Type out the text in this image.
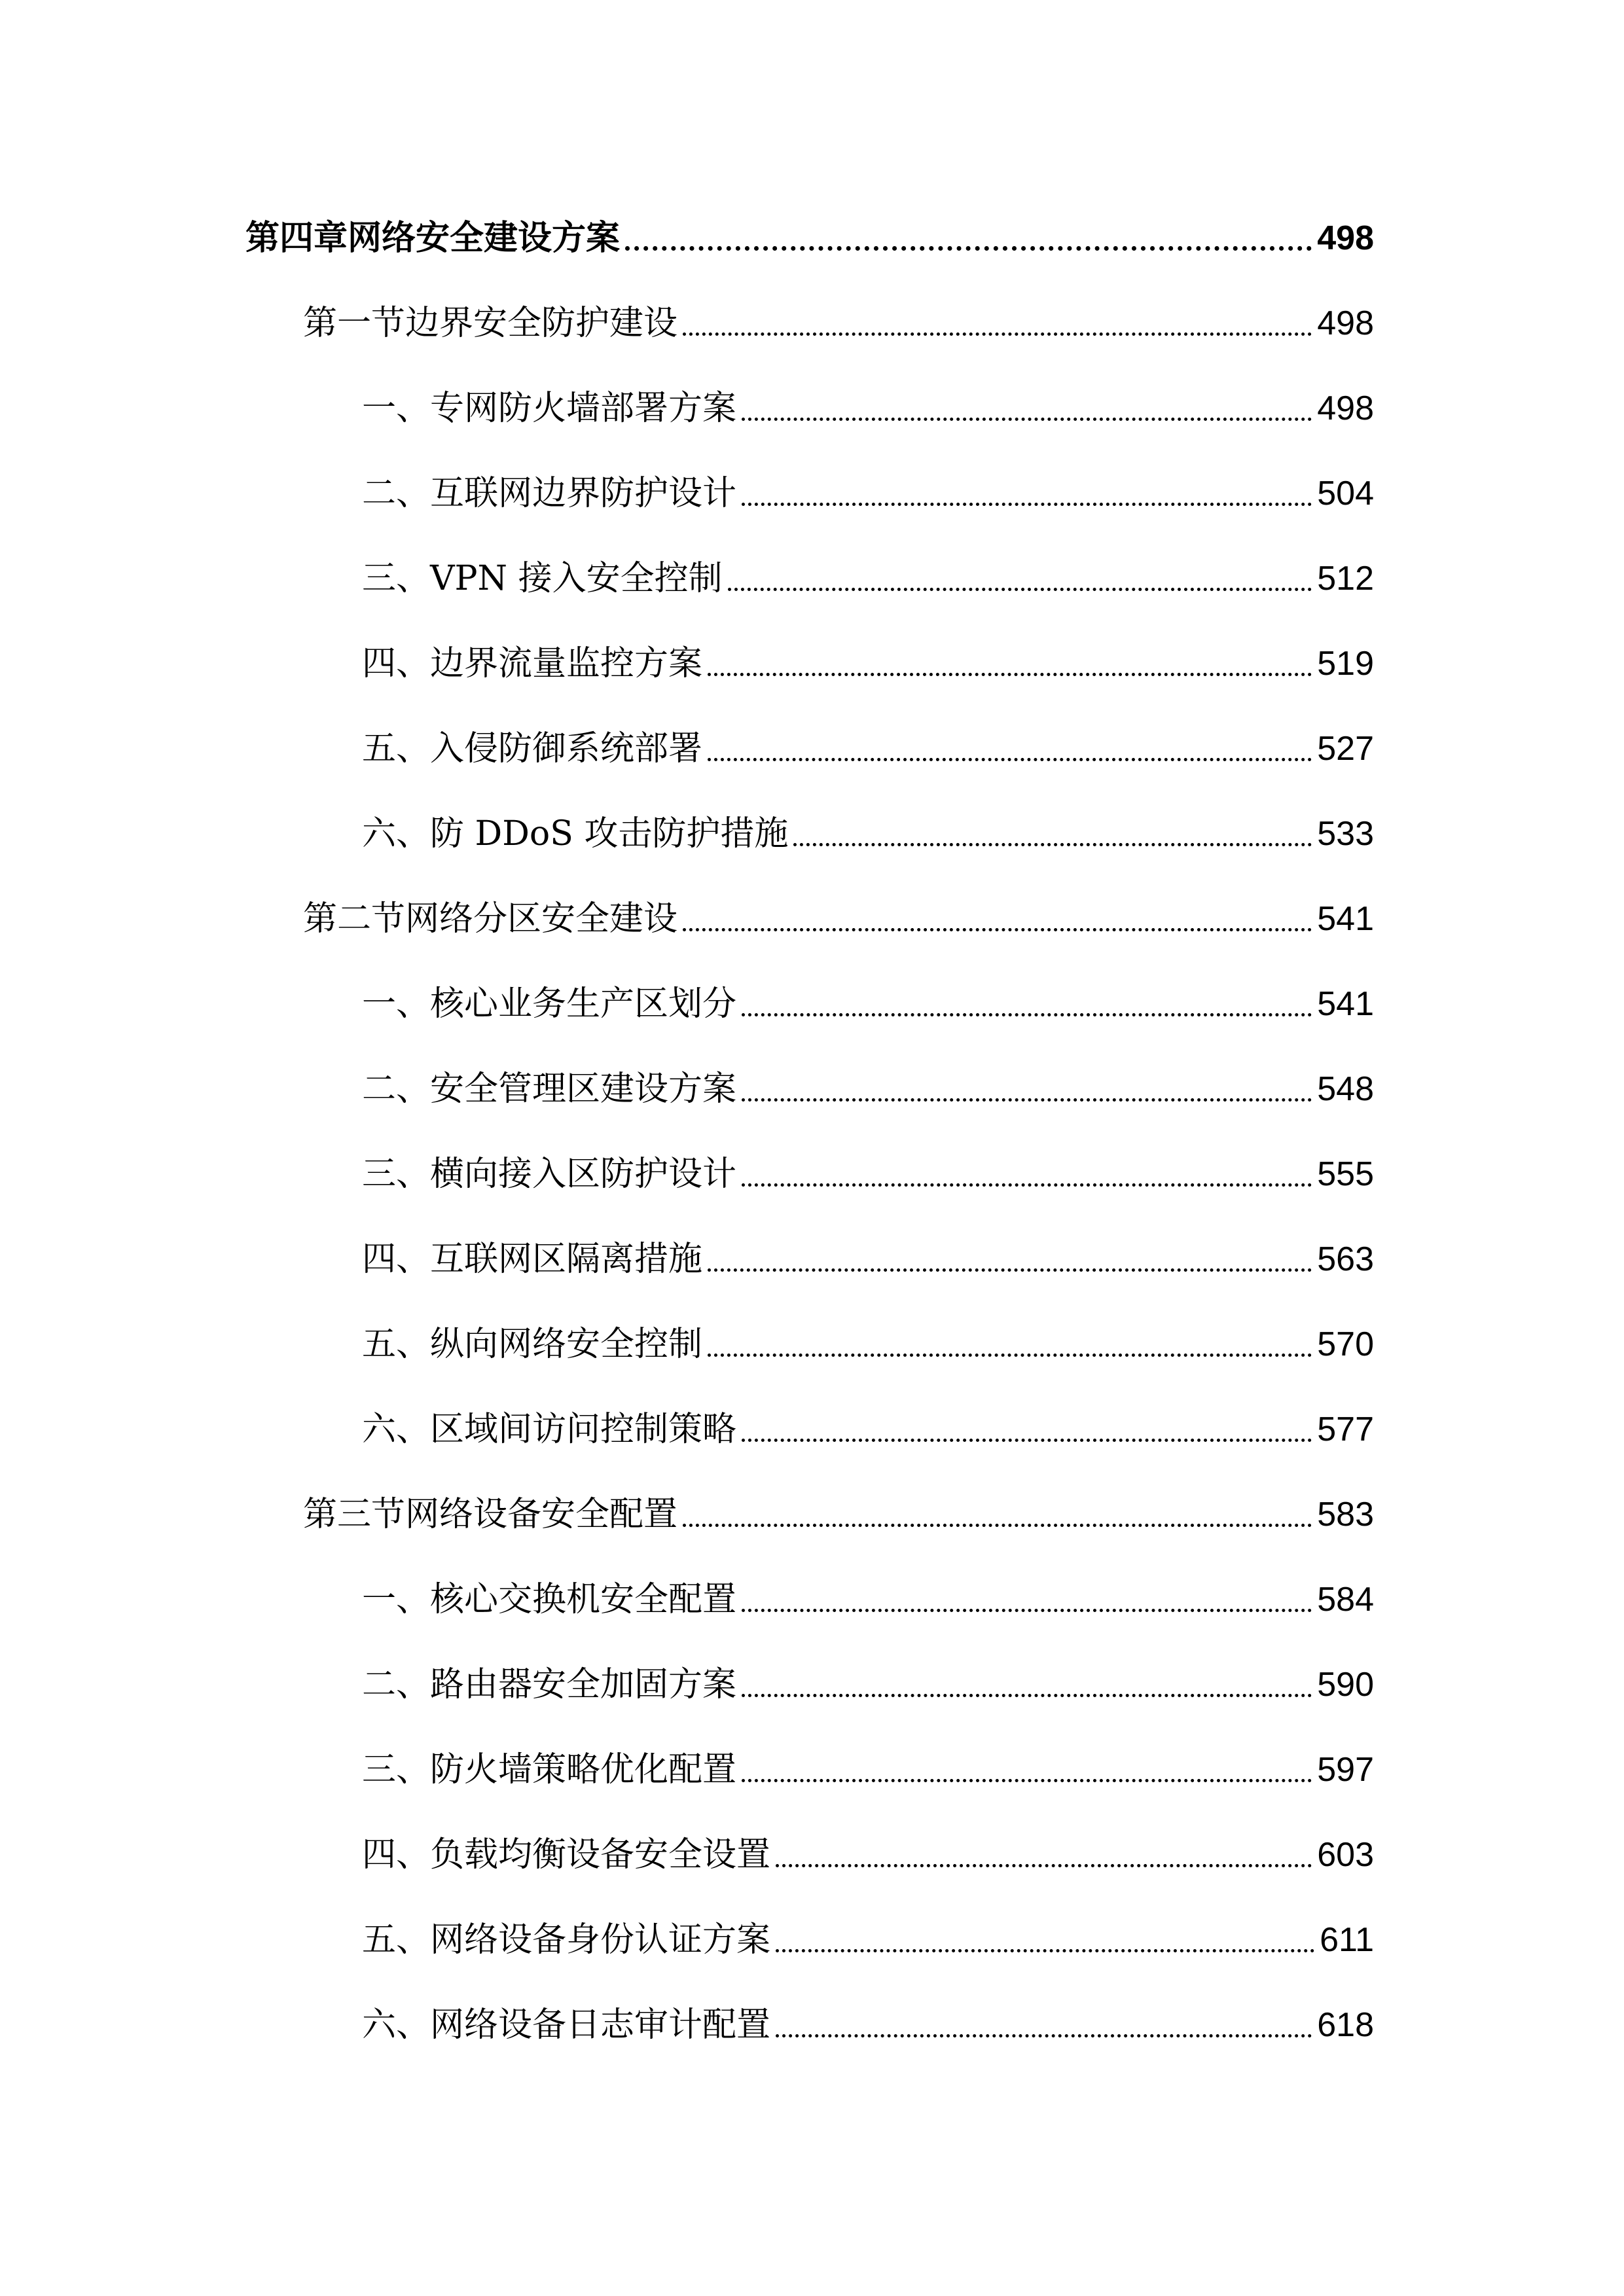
第四章网络安全建设方案	498
第一节边界安全防护建设	498
一、专网防火墙部署方案	498
二、互联网边界防护设计	504
三、VPN 接入安全控制	512
四、边界流量监控方案	519
五、入侵防御系统部署	527
六、防 DDoS 攻击防护措施	533
第二节网络分区安全建设	541
一、核心业务生产区划分	541
二、安全管理区建设方案	548
三、横向接入区防护设计	555
四、互联网区隔离措施	563
五、纵向网络安全控制	570
六、区域间访问控制策略	577
第三节网络设备安全配置	583
一、核心交换机安全配置	584
二、路由器安全加固方案	590
三、防火墙策略优化配置	597
四、负载均衡设备安全设置	603
五、网络设备身份认证方案	611
六、网络设备日志审计配置	618
